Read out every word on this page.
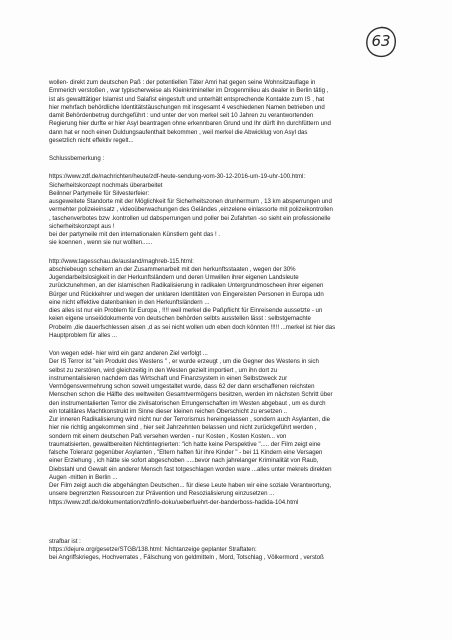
63
wollen- direkt zum deutschen Paß : der potentiellen Täter Amri hat gegen seine Wohnsitzauflage in
Emmerich verstoßen , war typischerweise als Kleinkrimineller im Drogenmilieu als dealer in Berlin tätig ,
ist als gewalttätiger Islamist und Salafist eingestuft und unterhält entsprechende Kontakte zum IS , hat
hier mehrfach behördliche Identitätstäuschungen mit insgesamt 4 veschiedenen Namen betrieben und
damit Behördenbetrug durchgeführt : und unter der von merkel seit 10 Jahren zu verantwortenden
Regierung hier durfte er hier Asyl beantragen ohne erkennbaren Grund und Ihr dürft ihn durchfüttern und
dann hat er noch einen Duldungsaufenthalt bekommen , weil merkel die Abwicklug von Asyl das
gesetzlich nicht effektiv regelt...
Schlussbemerkung :
https://www.zdf.de/nachrichten/heute/zdf-heute-sendung-vom-30-12-2016-um-19-uhr-100.html:
Sicherheitskonzept nochmals überarbeitet
Beilnner Partymeile für Silvesterfeier:
ausgeweitete Standorte mit der Möglichkeit für Sicherheitszonen drunhermum , 13 km absperrungen und
vermehter polizeieinsatz , videoüberwachungen des Geländes ,einzelene einlassorte mit polizeikontrollen
, taschenverbotes bzw .kontrollen ud dabsperrungen und poller bei Zufahrten -so sieht ein professionelle
sicherheitskonzept aus !
bei der partymeile mit den internationalen Künstlern geht das ! .
sie koennen , wenn sie nur wollten......
http://www.tagesschau.de/ausland/maghreb-115.html:
abschiebeugn scheitern an der Zusammenarbeit mit den herkunftsstaaten , wegen der 30%
Jugendarbeitslosigkeit in der Herkunftsländern und deren Umwillen ihrer eigenen Landsleute
zurückzunehmen, an der islamischen Radikalisierung in radikalen Untergrundmoscheen ihrer eigenen
Bürger und Rückkehrer und wegen der unklaren Identitäten von Eingereisten Personen in Europa udn
eine nicht effektive datenbanken in den Herkunftsländern ...
dies alles ist nur ein Problem für Europa , !!!! weil merkel die Paßpflicht für Einreisende aussetzte - un
keien eigene unseiödokumente von deutschen behörden selbts ausstellen lässt : selbstgemachte
Probelm ,die dauerfschlessen alsen ,d as sei nicht wollen udn eben doch könnten !!!!! ...merkel ist hier das
Hauptproblem für alles ...
Von wegen edel- hier wird ein ganz anderen Ziel verfolgt ...
Der IS Terror ist "ein Produkt des Westens " , er wurde erzeugt , um die Gegner des Westens in sich
selbst zu zerstören, wird gleichzeitig in den Westen gezielt importiert , um ihn dort zu
instrumentalisieren nachdem das Wirtschaft und Finanzsystem in einen Selbstzweck zur
Vermögensvermehrung schon soweit umgestaltet wurde, dass 62 der dann erschaffenen reichsten
Menschen schon die Hälfte des weltweiten Gesamtvermögens besitzen, werden im nächsten Schritt über
den instrumentalierten Terror die zivilsatorischen Errungenschaften im Westen abgebaut , um es durch
ein totalitäres Machtkonstrukt im Sinne dieser kleinen reichen Oberschicht zu ersetzen ..
Zur inneren Radikalisierung wird nicht nur der Terrorismus hereingelassen , sondern auch Asylanten, die
hier nie richtig angekommen sind , hier seit Jahrzehnten belassen und nicht zurückgeführt werden ,
sondern mit einem deutschen Paß versehen werden - nur Kosten , Kosten Kosten... von
traumatisierten, gewaltbereiten Nichtintegrierten: "ich hatte keine Perspektive "..... der Film zeigt eine
falsche Toleranz gegenüber Asylanten , "Eltern haften für ihre Kinder " - bei 11 Kindern eine Versagen
einer Erziehung , ich hätte sie sofort abgeschoben .....bevor nach jahrelanger Kriminalität von Raub,
Diebstahl und Gewalt ein anderer Mensch fast totgeschlagen worden ware ...alles unter mekrels direkten
Augen -mitten in Berlin ...
Der Film zeigt auch die abgehängten Deutschen... für diese Leute haben wir eine soziale Verantwortung,
unsere begrenzten Ressourcen zur Prävention und Resozialisierung einzusetzen ...
https://www.zdf.de/dokumentation/zdfinfo-doku/ueberfuehrt-der-banderboss-hadida-104.html
strafbar ist :
https://dejure.org/gesetze/STGB/138.html: Nichtanzeige geplanter Straftaten:
bei Angriffskrieges, Hochverrates , Fälschung von geldmitteln , Mord, Totschlag , Völkermord , verstoß
